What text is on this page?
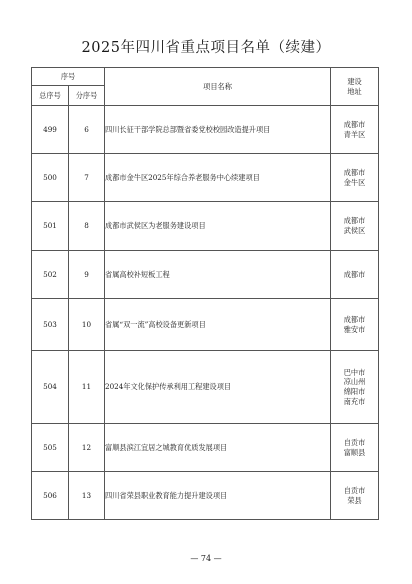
2025年四川省重点项目名单（续建）
序号		项目名称	建设
地址

总序号	分序号		
499	6	四川长征干部学院总部暨省委党校校园改造提升项目	成都市
青羊区

500	7	成都市金牛区2025年综合养老服务中心续建项目	成都市
金牛区

501	8	成都市武侯区为老服务建设项目	成都市
武侯区

502	9	省属高校补短板工程	成都市

503	10	省属“双一流”高校设备更新项目	成都市
雅安市

504	11	2024年文化保护传承利用工程建设项目	巴中市
凉山州
绵阳市
南充市

505	12	富顺县滨江宜居之城教育优质发展项目	自贡市
富顺县

506	13	四川省荣县职业教育能力提升建设项目	自贡市
荣县
— 74 —
